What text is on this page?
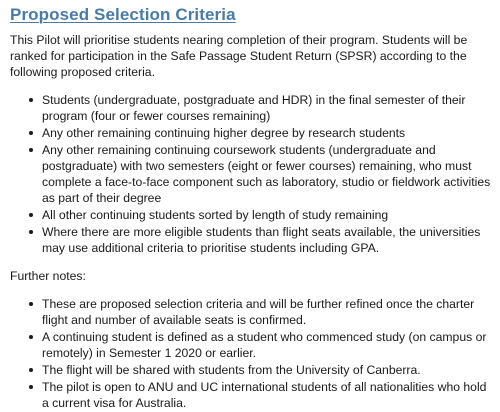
Proposed Selection Criteria

This Pilot will prioritise students nearing completion of their program. Students will be ranked for participation in the Safe Passage Student Return (SPSR) according to the following proposed criteria.

Students (undergraduate, postgraduate and HDR) in the final semester of their program (four or fewer courses remaining)
Any other remaining continuing higher degree by research students
Any other remaining continuing coursework students (undergraduate and postgraduate) with two semesters (eight or fewer courses) remaining, who must complete a face-to-face component such as laboratory, studio or fieldwork activities as part of their degree
All other continuing students sorted by length of study remaining
Where there are more eligible students than flight seats available, the universities may use additional criteria to prioritise students including GPA.

Further notes:

These are proposed selection criteria and will be further refined once the charter flight and number of available seats is confirmed.
A continuing student is defined as a student who commenced study (on campus or remotely) in Semester 1 2020 or earlier.
The flight will be shared with students from the University of Canberra.
The pilot is open to ANU and UC international students of all nationalities who hold a current visa for Australia.
